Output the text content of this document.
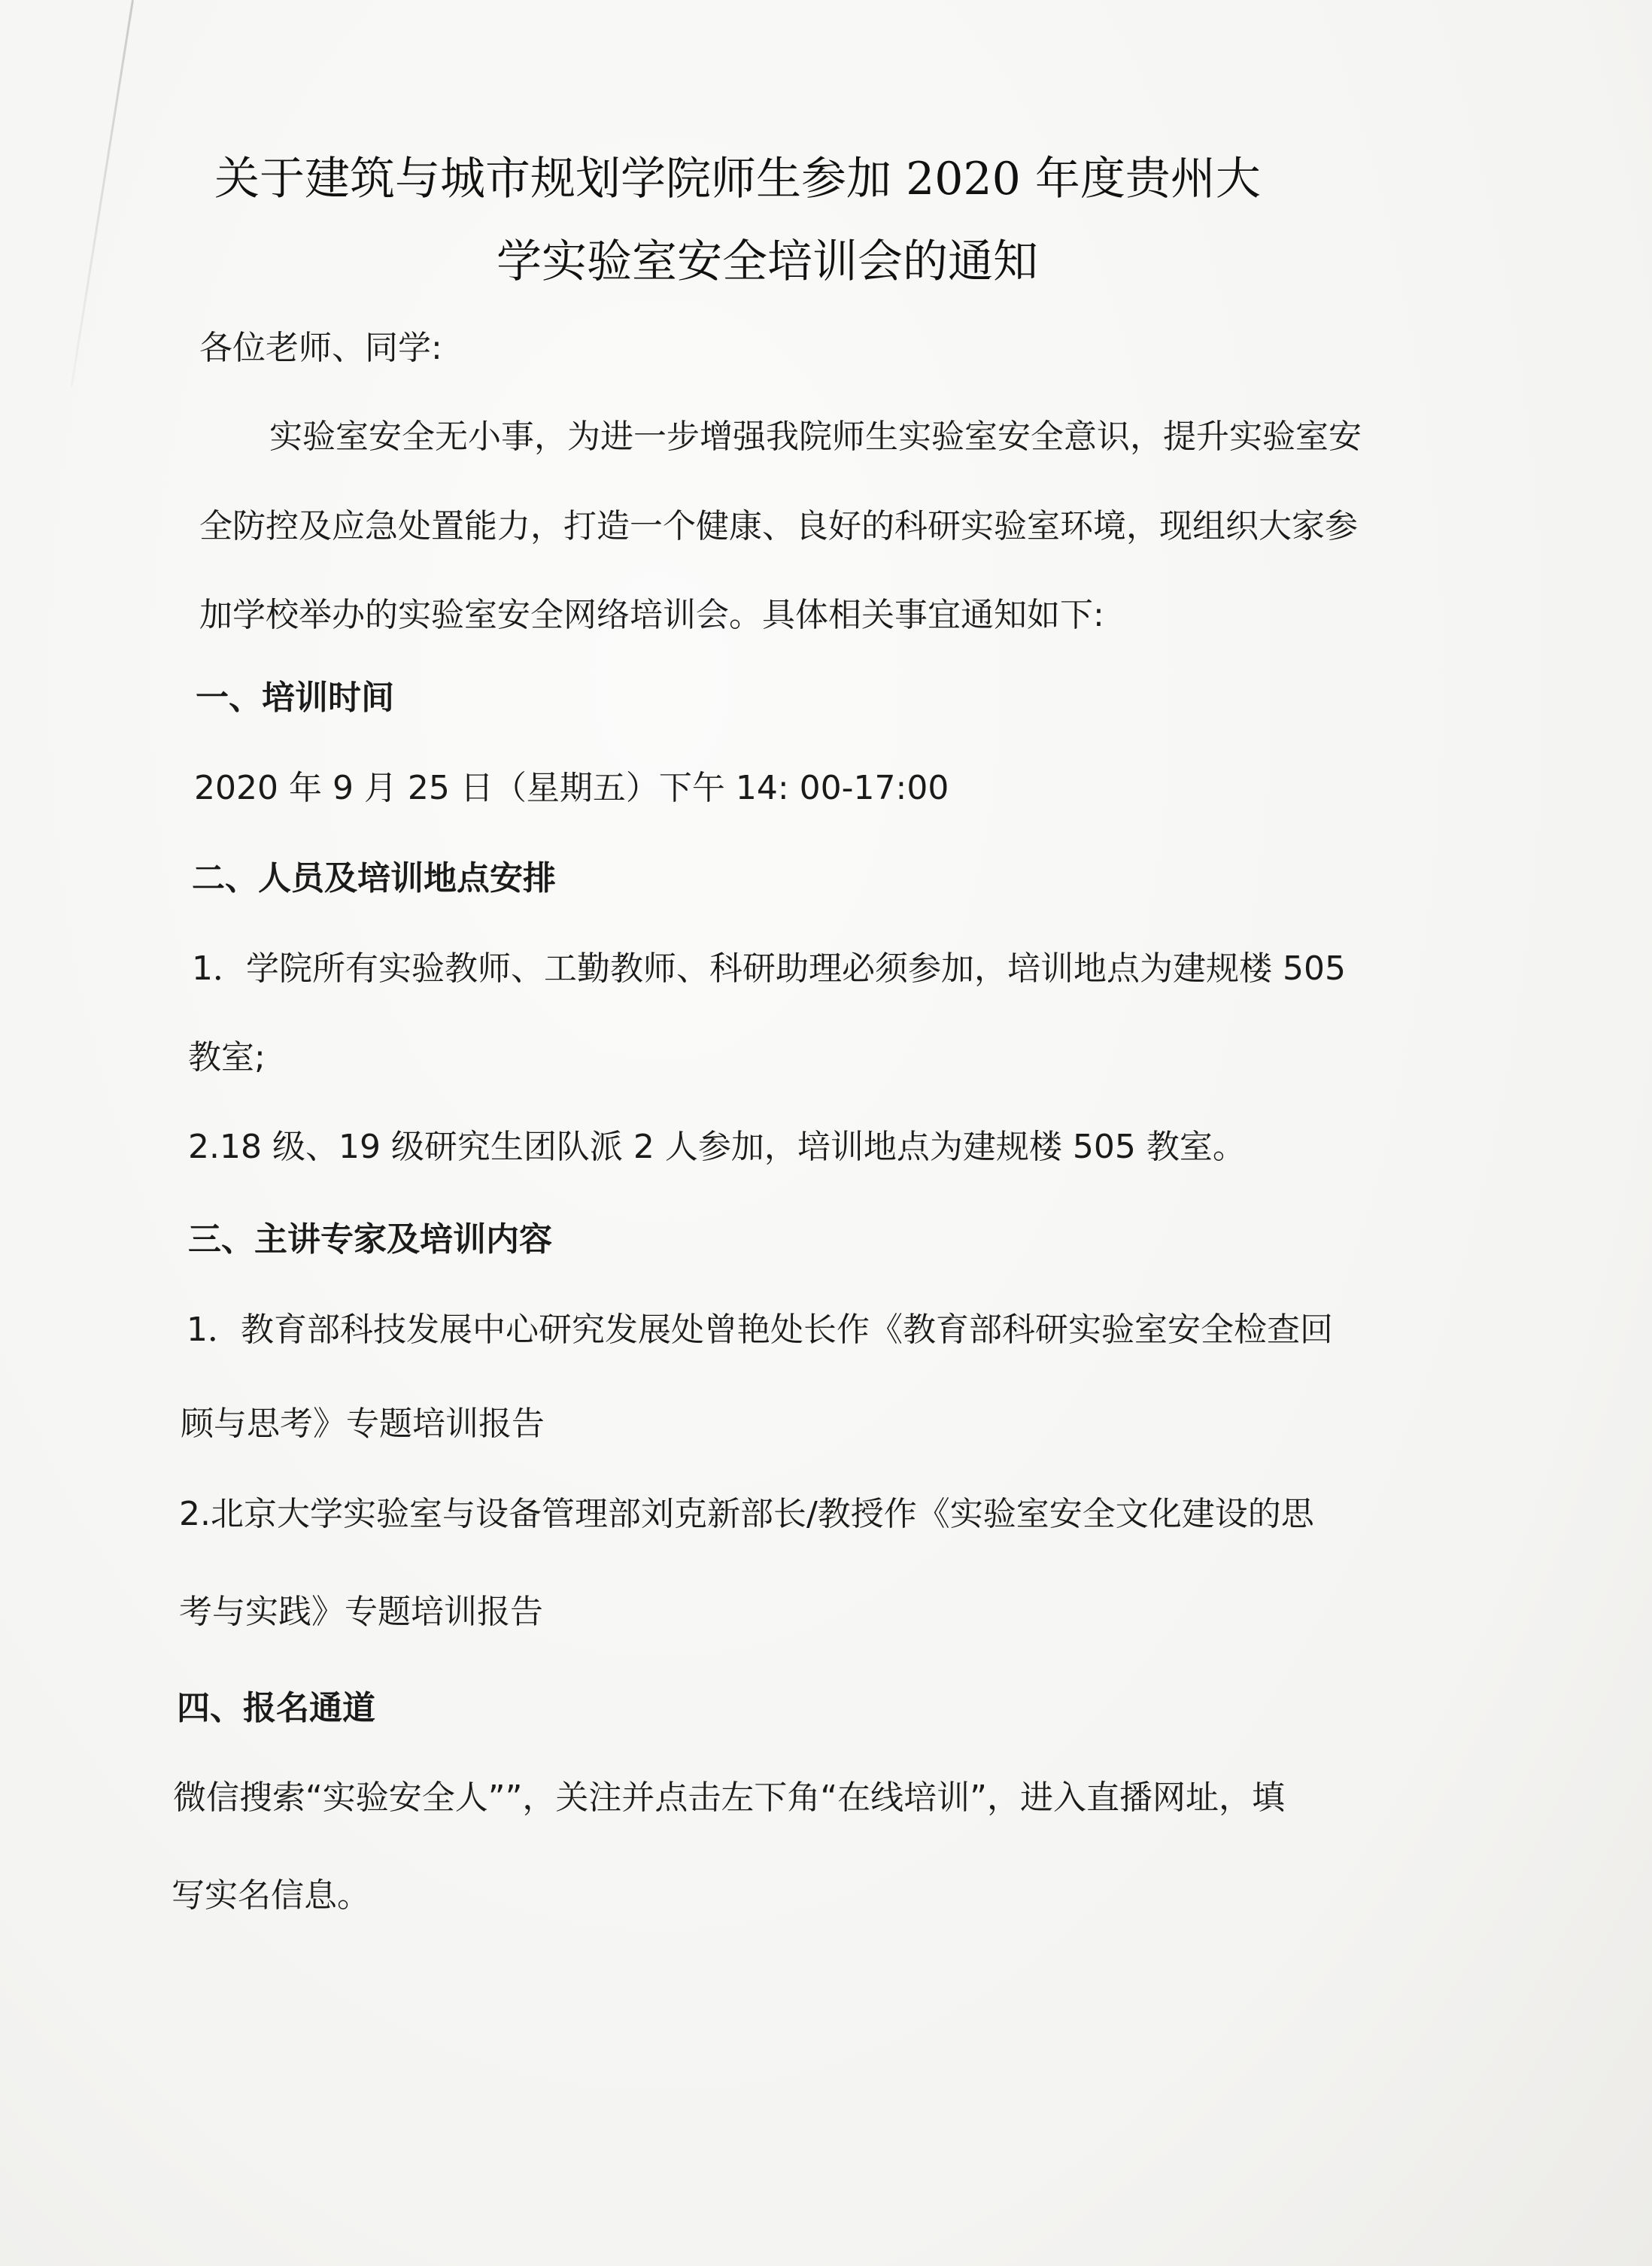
关于建筑与城市规划学院师生参加 2020 年度贵州大
学实验室安全培训会的通知
各位老师、同学:
实验室安全无小事，为进一步增强我院师生实验室安全意识，提升实验室安
全防控及应急处置能力，打造一个健康、良好的科研实验室环境，现组织大家参
加学校举办的实验室安全网络培训会。具体相关事宜通知如下:
一、培训时间
2020 年 9 月 25 日（星期五）下午 14: 00-17:00
二、人员及培训地点安排
1．学院所有实验教师、工勤教师、科研助理必须参加，培训地点为建规楼 505
教室;
2.18 级、19 级研究生团队派 2 人参加，培训地点为建规楼 505 教室。
三、主讲专家及培训内容
1．教育部科技发展中心研究发展处曾艳处长作《教育部科研实验室安全检查回
顾与思考》专题培训报告
2.北京大学实验室与设备管理部刘克新部长/教授作《实验室安全文化建设的思
考与实践》专题培训报告
四、报名通道
微信搜索“实验安全人””，关注并点击左下角“在线培训”，进入直播网址，填
写实名信息。
